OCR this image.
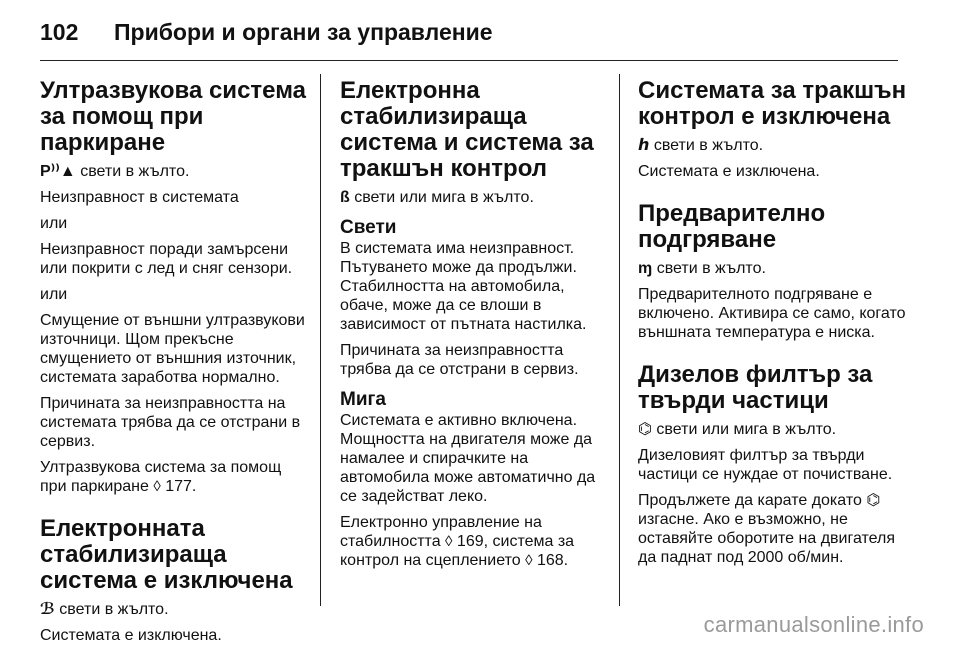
102 Прибори и органи за управление
Ултразвукова система за помощ при паркиране

P⁾⁾▲ свети в жълто.

Неизправност в системата

или

Неизправност поради замърсени или покрити с лед и сняг сензори.

или

Смущение от външни ултразвукови източници. Щом прекъсне смущението от външния източник, системата заработва нормално.

Причината за неизправността на системата трябва да се отстрани в сервиз.

Ултразвукова система за помощ при паркиране ◊ 177.

Електронната стабилизираща система е изключена

ℬ свети в жълто.

Системата е изключена.

Електронна стабилизираща система и система за тракшън контрол

ß свети или мига в жълто.

Свети

В системата има неизправност. Пътуването може да продължи. Стабилността на автомобила, обаче, може да се влоши в зависимост от пътната настилка.

Причината за неизправността трябва да се отстрани в сервиз.

Мига

Системата е активно включена. Мощността на двигателя може да намалее и спирачките на автомобила може автоматично да се задействат леко.

Електронно управление на стабилността ◊ 169, система за контрол на сцеплението ◊ 168.

Системата за тракшън контрол е изключена

ℎ свети в жълто.

Системата е изключена.

Предварително подгряване

ɱ свети в жълто.

Предварителното подгряване е включено. Активира се само, когато външната температура е ниска.

Дизелов филтър за твърди частици

⌬ свети или мига в жълто.

Дизеловият филтър за твърди частици се нуждае от почистване.

Продължете да карате докато ⌬ изгасне. Ако е възможно, не оставяйте оборотите на двигателя да паднат под 2000 об/мин.

carmanualsonline.info
